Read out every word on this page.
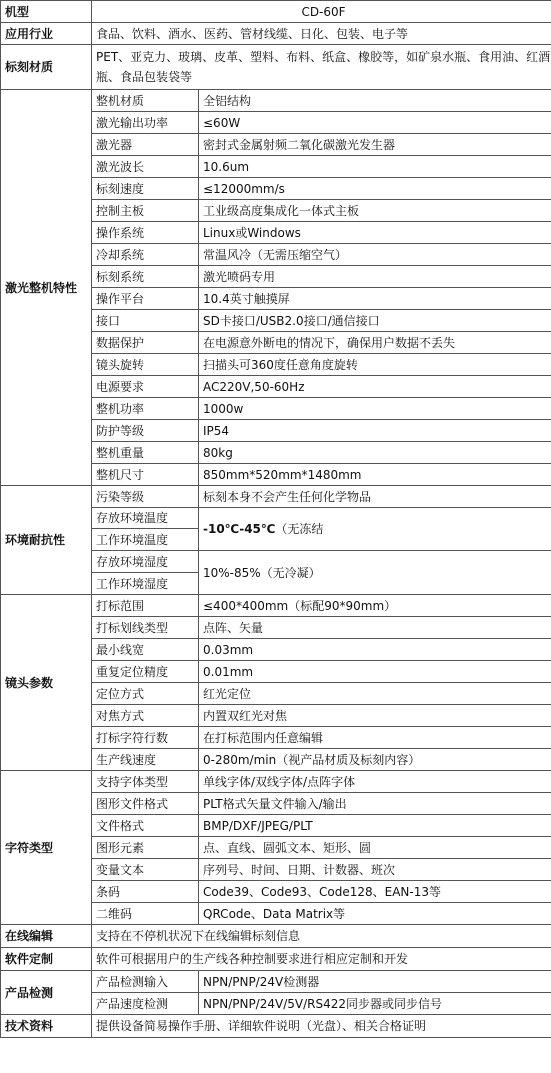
机型	CD-60F	
应用行业	食品、饮料、酒水、医药、管材线缆、日化、包装、电子等	
标刻材质	PET、亚克力、玻璃、皮革、塑料、布料、纸盒、橡胶等，如矿泉水瓶、食用油、红酒瓶、食品包装袋等	
激光整机特性	整机材质	全铝结构
	激光输出功率	≤60W
	激光器	密封式金属射频二氧化碳激光发生器
	激光波长	10.6um
	标刻速度	≤12000mm/s
	控制主板	工业级高度集成化一体式主板
	操作系统	Linux或Windows
	冷却系统	常温风冷（无需压缩空气）
	标刻系统	激光喷码专用
	操作平台	10.4英寸触摸屏
	接口	SD卡接口/USB2.0接口/通信接口
	数据保护	在电源意外断电的情况下，确保用户数据不丢失
	镜头旋转	扫描头可360度任意角度旋转
	电源要求	AC220V,50-60Hz
	整机功率	1000w
	防护等级	IP54
	整机重量	80kg
	整机尺寸	850mm*520mm*1480mm
环境耐抗性	污染等级	标刻本身不会产生任何化学物品
	存放环境温度	-10℃-45℃（无冻结
	工作环境温度	
	存放环境湿度	10%-85%（无冷凝）
	工作环境湿度	
镜头参数	打标范围	≤400*400mm（标配90*90mm）
	打标划线类型	点阵、矢量
	最小线宽	0.03mm
	重复定位精度	0.01mm
	定位方式	红光定位
	对焦方式	内置双红光对焦
	打标字符行数	在打标范围内任意编辑
	生产线速度	0-280m/min（视产品材质及标刻内容）
字符类型	支持字体类型	单线字体/双线字体/点阵字体
	图形文件格式	PLT格式矢量文件输入/输出
	文件格式	BMP/DXF/JPEG/PLT
	图形元素	点、直线、圆弧文本、矩形、圆
	变量文本	序列号、时间、日期、计数器、班次
	条码	Code39、Code93、Code128、EAN-13等
	二维码	QRCode、Data Matrix等
在线编辑	支持在不停机状况下在线编辑标刻信息	
软件定制	软件可根据用户的生产线各种控制要求进行相应定制和开发	
产品检测	产品检测输入	NPN/PNP/24V检测器
	产品速度检测	NPN/PNP/24V/5V/RS422同步器或同步信号
技术资料	提供设备简易操作手册、详细软件说明（光盘）、相关合格证明	
